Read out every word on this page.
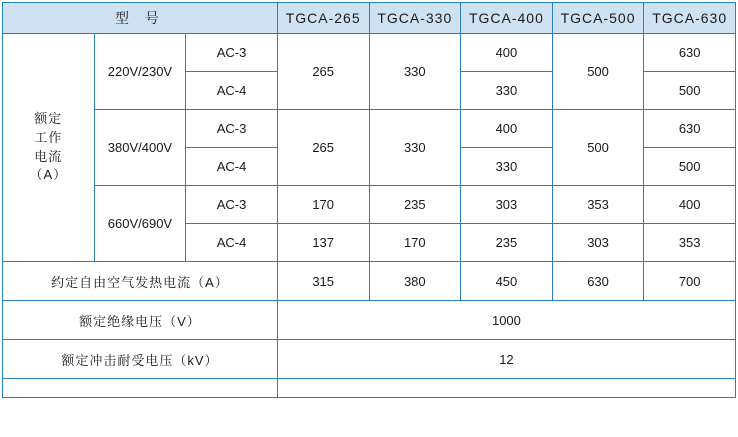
型 号			TGCA-265	TGCA-330	TGCA-400	TGCA-500	TGCA-630

额定
工作
电流
（A）	220V/230V	AC-3	265	330	400	500	630
		AC-4			330		500
	380V/400V	AC-3	265	330	400	500	630
		AC-4			330		500
	660V/690V	AC-3	170	235	303	353	400
		AC-4	137	170	235	303	353
约定自由空气发热电流（A）			315	380	450	630	700
额定绝缘电压（V）			1000				
额定冲击耐受电压（kV）			12				
